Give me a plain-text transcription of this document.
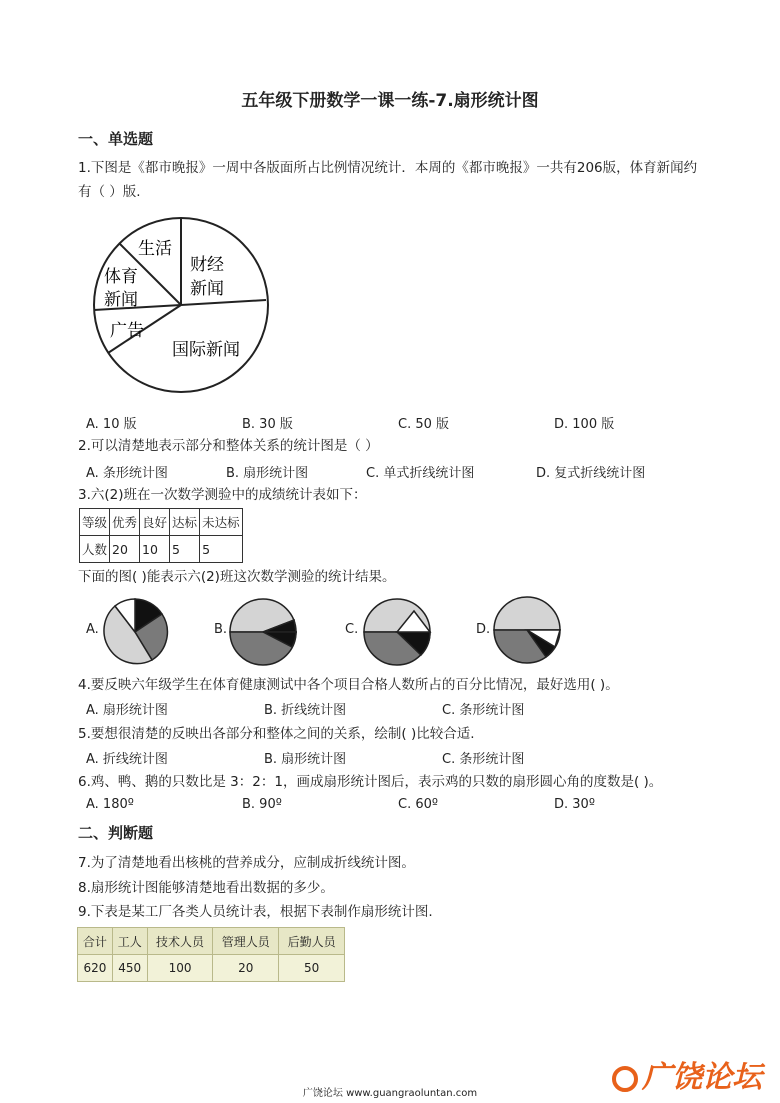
五年级下册数学一课一练-7.扇形统计图
一、单选题
1.下图是《都市晚报》一周中各版面所占比例情况统计．本周的《都市晚报》一共有206版，体育新闻约
有（ ）版.
生活
财经
新闻
体育
新闻
广告
国际新闻
A. 10 版	B. 30 版	C. 50 版	D. 100 版
2.可以清楚地表示部分和整体关系的统计图是（ ）
A. 条形统计图	B. 扇形统计图	C. 单式折线统计图	D. 复式折线统计图
3.六(2)班在一次数学测验中的成绩统计表如下：
等级	优秀	良好	达标	未达标
人数	20	10	5	5
下面的图( )能表示六(2)班这次数学测验的统计结果。
A.	B.	C.	D.
4.要反映六年级学生在体育健康测试中各个项目合格人数所占的百分比情况，最好选用( )。
A. 扇形统计图	B. 折线统计图	C. 条形统计图
5.要想很清楚的反映出各部分和整体之间的关系，绘制( )比较合适.
A. 折线统计图	B. 扇形统计图	C. 条形统计图
6.鸡、鸭、鹅的只数比是 3：2：1，画成扇形统计图后，表示鸡的只数的扇形圆心角的度数是( )。
A. 180º	B. 90º	C. 60º	D. 30º
二、判断题
7.为了清楚地看出核桃的营养成分，应制成折线统计图。
8.扇形统计图能够清楚地看出数据的多少。
9.下表是某工厂各类人员统计表，根据下表制作扇形统计图.
合计	工人	技术人员	管理人员	后勤人员
620	450	100	20	50
广饶论坛
广饶论坛 www.guangraoluntan.com
